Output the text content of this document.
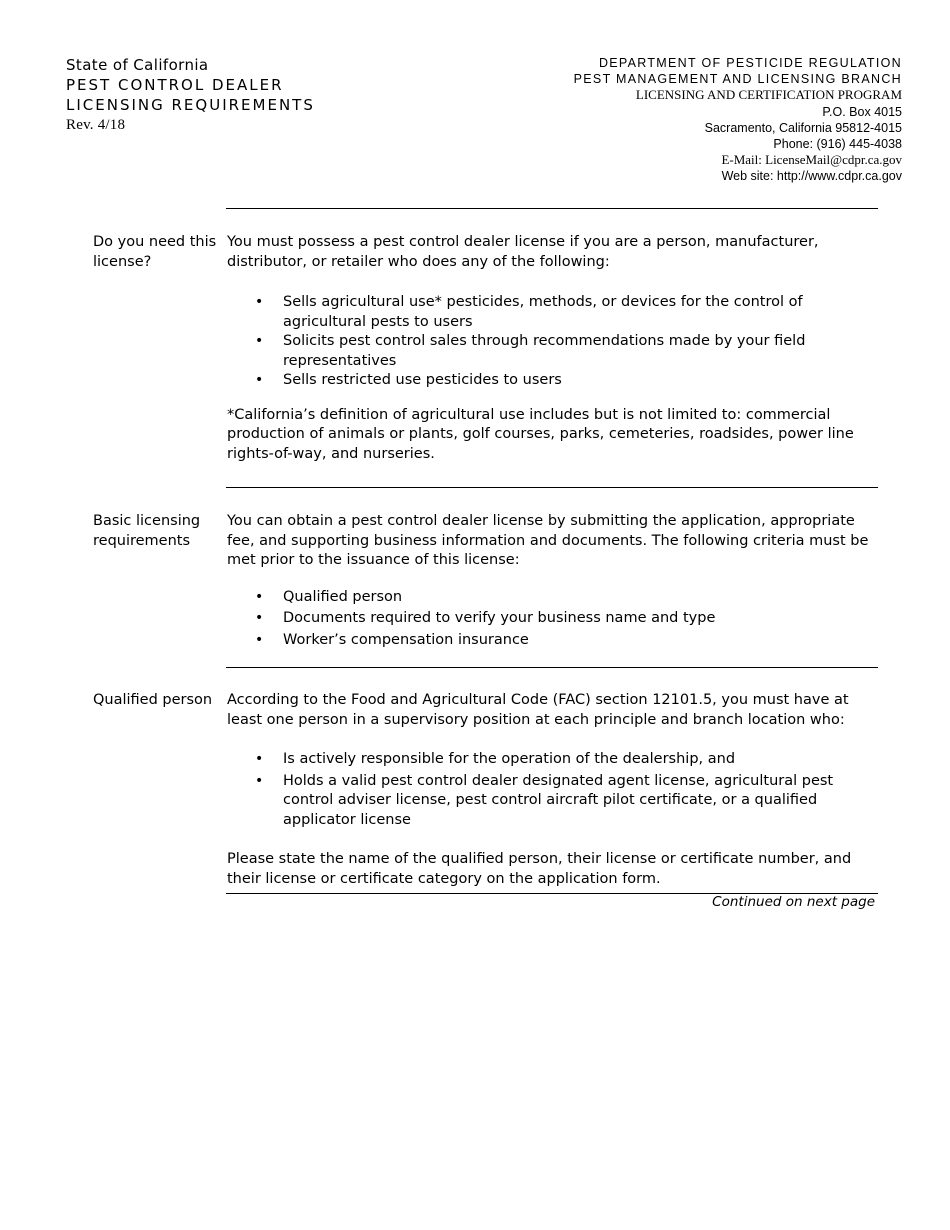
State of California
PEST CONTROL DEALER
LICENSING REQUIREMENTS
Rev. 4/18
DEPARTMENT OF PESTICIDE REGULATION
PEST MANAGEMENT AND LICENSING BRANCH
LICENSING AND CERTIFICATION PROGRAM
P.O. Box 4015
Sacramento, California 95812-4015
Phone: (916) 445-4038
E-Mail: LicenseMail@cdpr.ca.gov
Web site: http://www.cdpr.ca.gov
Do you need this license?

You must possess a pest control dealer license if you are a person, manufacturer, distributor, or retailer who does any of the following:

• Sells agricultural use* pesticides, methods, or devices for the control of agricultural pests to users
• Solicits pest control sales through recommendations made by your field representatives
• Sells restricted use pesticides to users

*California’s definition of agricultural use includes but is not limited to: commercial production of animals or plants, golf courses, parks, cemeteries, roadsides, power line rights-of-way, and nurseries.

Basic licensing requirements

You can obtain a pest control dealer license by submitting the application, appropriate fee, and supporting business information and documents. The following criteria must be met prior to the issuance of this license:

• Qualified person
• Documents required to verify your business name and type
• Worker’s compensation insurance
Qualified person	According to the Food and Agricultural Code (FAC) section 12101.5, you must have at least one person in a supervisory position at each principle and branch location who:

• Is actively responsible for the operation of the dealership, and
• Holds a valid pest control dealer designated agent license, agricultural pest control adviser license, pest control aircraft pilot certificate, or a qualified applicator license

Please state the name of the qualified person, their license or certificate number, and their license or certificate category on the application form.

Continued on next page
